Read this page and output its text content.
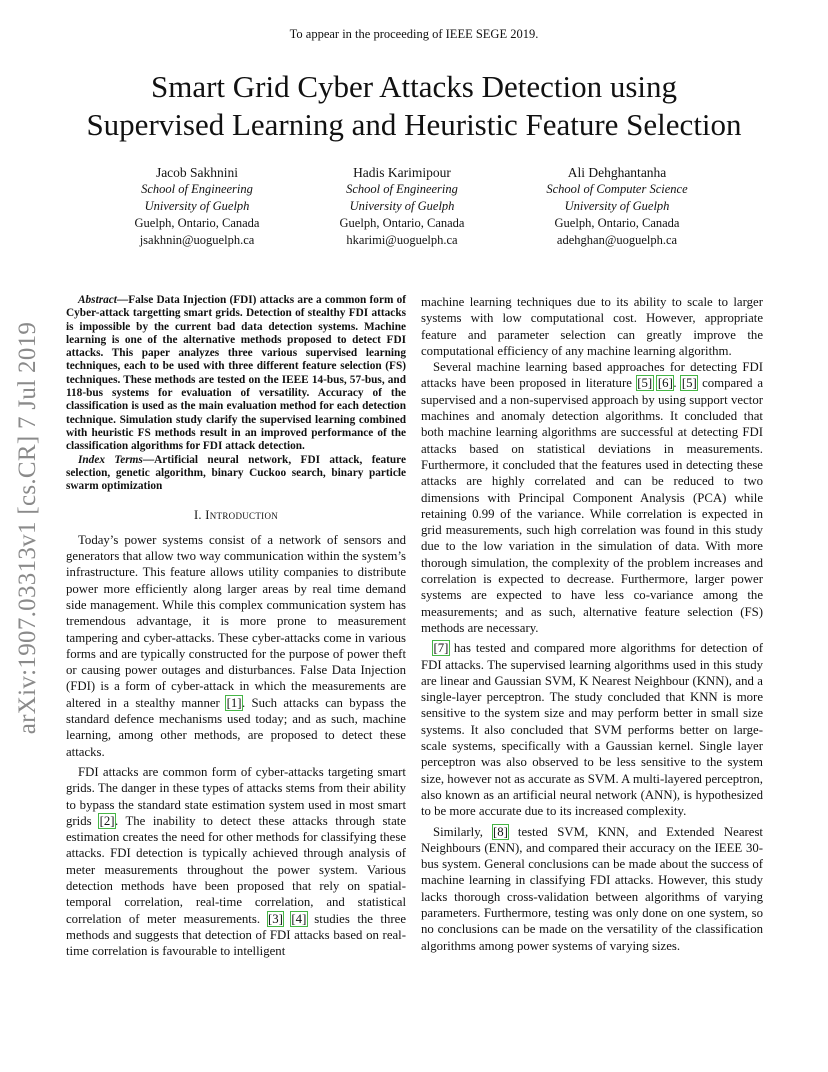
To appear in the proceeding of IEEE SEGE 2019.
Smart Grid Cyber Attacks Detection using
Supervised Learning and Heuristic Feature Selection
Jacob Sakhnini
School of Engineering
University of Guelph
Guelph, Ontario, Canada
jsakhnin@uoguelph.ca
Hadis Karimipour
School of Engineering
University of Guelph
Guelph, Ontario, Canada
hkarimi@uoguelph.ca
Ali Dehghantanha
School of Computer Science
University of Guelph
Guelph, Ontario, Canada
adehghan@uoguelph.ca
arXiv:1907.03313v1 [cs.CR] 7 Jul 2019

Abstract—False Data Injection (FDI) attacks are a common form of Cyber-attack targetting smart grids. Detection of stealthy FDI attacks is impossible by the current bad data detection systems. Machine learning is one of the alternative methods proposed to detect FDI attacks. This paper analyzes three various supervised learning techniques, each to be used with three different feature selection (FS) techniques. These methods are tested on the IEEE 14-bus, 57-bus, and 118-bus systems for evaluation of versatility. Accuracy of the classification is used as the main evaluation method for each detection technique. Simulation study clarify the supervised learning combined with heuristic FS methods result in an improved performance of the classification algorithms for FDI attack detection.

Index Terms—Artificial neural network, FDI attack, feature selection, genetic algorithm, binary Cuckoo search, binary particle swarm optimization

I. Introduction

Today’s power systems consist of a network of sensors and generators that allow two way communication within the system’s infrastructure. This feature allows utility companies to distribute power more efficiently along larger areas by real time demand side management. While this complex communication system has tremendous advantage, it is more prone to measurement tampering and cyber-attacks. These cyber-attacks come in various forms and are typically constructed for the purpose of power theft or causing power outages and disturbances. False Data Injection (FDI) is a form of cyber-attack in which the measurements are altered in a stealthy manner [1]. Such attacks can bypass the standard defence mechanisms used today; and as such, machine learning, among other methods, are proposed to detect these attacks.

FDI attacks are common form of cyber-attacks targeting smart grids. The danger in these types of attacks stems from their ability to bypass the standard state estimation system used in most smart grids [2]. The inability to detect these attacks through state estimation creates the need for other methods for classifying these attacks. FDI detection is typically achieved through analysis of meter measurements throughout the power system. Various detection methods have been proposed that rely on spatial-temporal correlation, real-time correlation, and statistical correlation of meter measurements. [3] [4] studies the three methods and suggests that detection of FDI attacks based on real-time correlation is favourable to intelligent

machine learning techniques due to its ability to scale to larger systems with low computational cost. However, appropriate feature and parameter selection can greatly improve the computational efficiency of any machine learning algorithm.

Several machine learning based approaches for detecting FDI attacks have been proposed in literature [5] [6]. [5] compared a supervised and a non-supervised approach by using support vector machines and anomaly detection algorithms. It concluded that both machine learning algorithms are successful at detecting FDI attacks based on statistical deviations in measurements. Furthermore, it concluded that the features used in detecting these attacks are highly correlated and can be reduced to two dimensions with Principal Component Analysis (PCA) while retaining 0.99 of the variance. While correlation is expected in grid measurements, such high correlation was found in this study due to the low variation in the simulation of data. With more thorough simulation, the complexity of the problem increases and correlation is expected to decrease. Furthermore, larger power systems are expected to have less co-variance among the measurements; and as such, alternative feature selection (FS) methods are necessary.

[7] has tested and compared more algorithms for detection of FDI attacks. The supervised learning algorithms used in this study are linear and Gaussian SVM, K Nearest Neighbour (KNN), and a single-layer perceptron. The study concluded that KNN is more sensitive to the system size and may perform better in small size systems. It also concluded that SVM performs better on large-scale systems, specifically with a Gaussian kernel. Single layer perceptron was also observed to be less sensitive to the system size, however not as accurate as SVM. A multi-layered perceptron, also known as an artificial neural network (ANN), is hypothesized to be more accurate due to its increased complexity.

Similarly, [8] tested SVM, KNN, and Extended Nearest Neighbours (ENN), and compared their accuracy on the IEEE 30-bus system. General conclusions can be made about the success of machine learning in classifying FDI attacks. However, this study lacks thorough cross-validation between algorithms of varying parameters. Furthermore, testing was only done on one system, so no conclusions can be made on the versatility of the classification algorithms among power systems of varying sizes.
